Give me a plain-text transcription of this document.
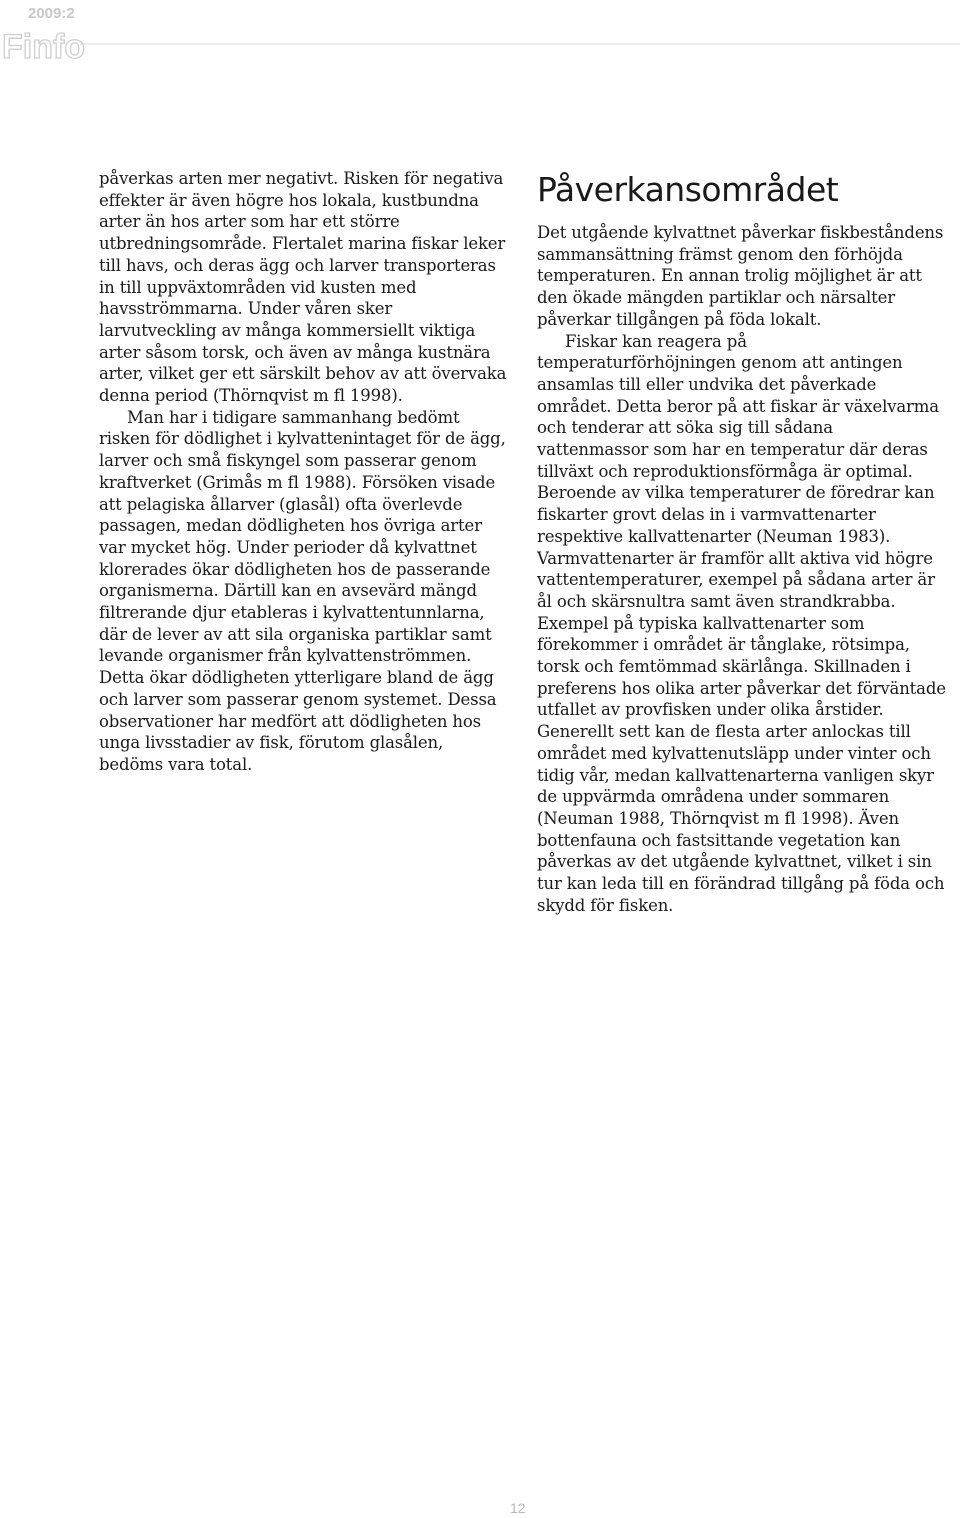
2009:2
Finfo

påverkas arten mer negativt. Risken för negativa effekter är även högre hos lokala, kustbundna arter än hos arter som har ett större utbredningsområde. Flertalet marina fiskar leker till havs, och deras ägg och larver transporteras in till uppväxtområden vid kusten med havsströmmarna. Under våren sker larvutveckling av många kommersiellt viktiga arter såsom torsk, och även av många kustnära arter, vilket ger ett särskilt behov av att övervaka denna period (Thörnqvist m fl 1998).

Man har i tidigare sammanhang bedömt risken för dödlighet i kylvattenintaget för de ägg, larver och små fiskyngel som passerar genom kraftverket (Grimås m fl 1988). Försöken visade att pelagiska ållarver (glasål) ofta överlevde passagen, medan dödligheten hos övriga arter var mycket hög. Under perioder då kylvattnet klorerades ökar dödligheten hos de passerande organismerna. Därtill kan en avsevärd mängd filtrerande djur etableras i kylvattentunnlarna, där de lever av att sila organiska partiklar samt levande organismer från kylvattenströmmen. Detta ökar dödligheten ytterligare bland de ägg och larver som passerar genom systemet. Dessa observationer har medfört att dödligheten hos unga livsstadier av fisk, förutom glasålen, bedöms vara total.

Påverkansområdet

Det utgående kylvattnet påverkar fiskbeståndens sammansättning främst genom den förhöjda temperaturen. En annan trolig möjlighet är att den ökade mängden partiklar och närsalter påverkar tillgången på föda lokalt.

Fiskar kan reagera på temperaturförhöjningen genom att antingen ansamlas till eller undvika det påverkade området. Detta beror på att fiskar är växelvarma och tenderar att söka sig till sådana vattenmassor som har en temperatur där deras tillväxt och reproduktionsförmåga är optimal. Beroende av vilka temperaturer de föredrar kan fiskarter grovt delas in i varmvattenarter respektive kallvattenarter (Neuman 1983). Varmvattenarter är framför allt aktiva vid högre vattentemperaturer, exempel på sådana arter är ål och skärsnultra samt även strandkrabba. Exempel på typiska kallvattenarter som förekommer i området är tånglake, rötsimpa, torsk och femtömmad skärlånga. Skillnaden i preferens hos olika arter påverkar det förväntade utfallet av provfisken under olika årstider. Generellt sett kan de flesta arter anlockas till området med kylvattenutsläpp under vinter och tidig vår, medan kallvattenarterna vanligen skyr de uppvärmda områdena under sommaren (Neuman 1988, Thörnqvist m fl 1998). Även bottenfauna och fastsittande vegetation kan påverkas av det utgående kylvattnet, vilket i sin tur kan leda till en förändrad tillgång på föda och skydd för fisken.

12
